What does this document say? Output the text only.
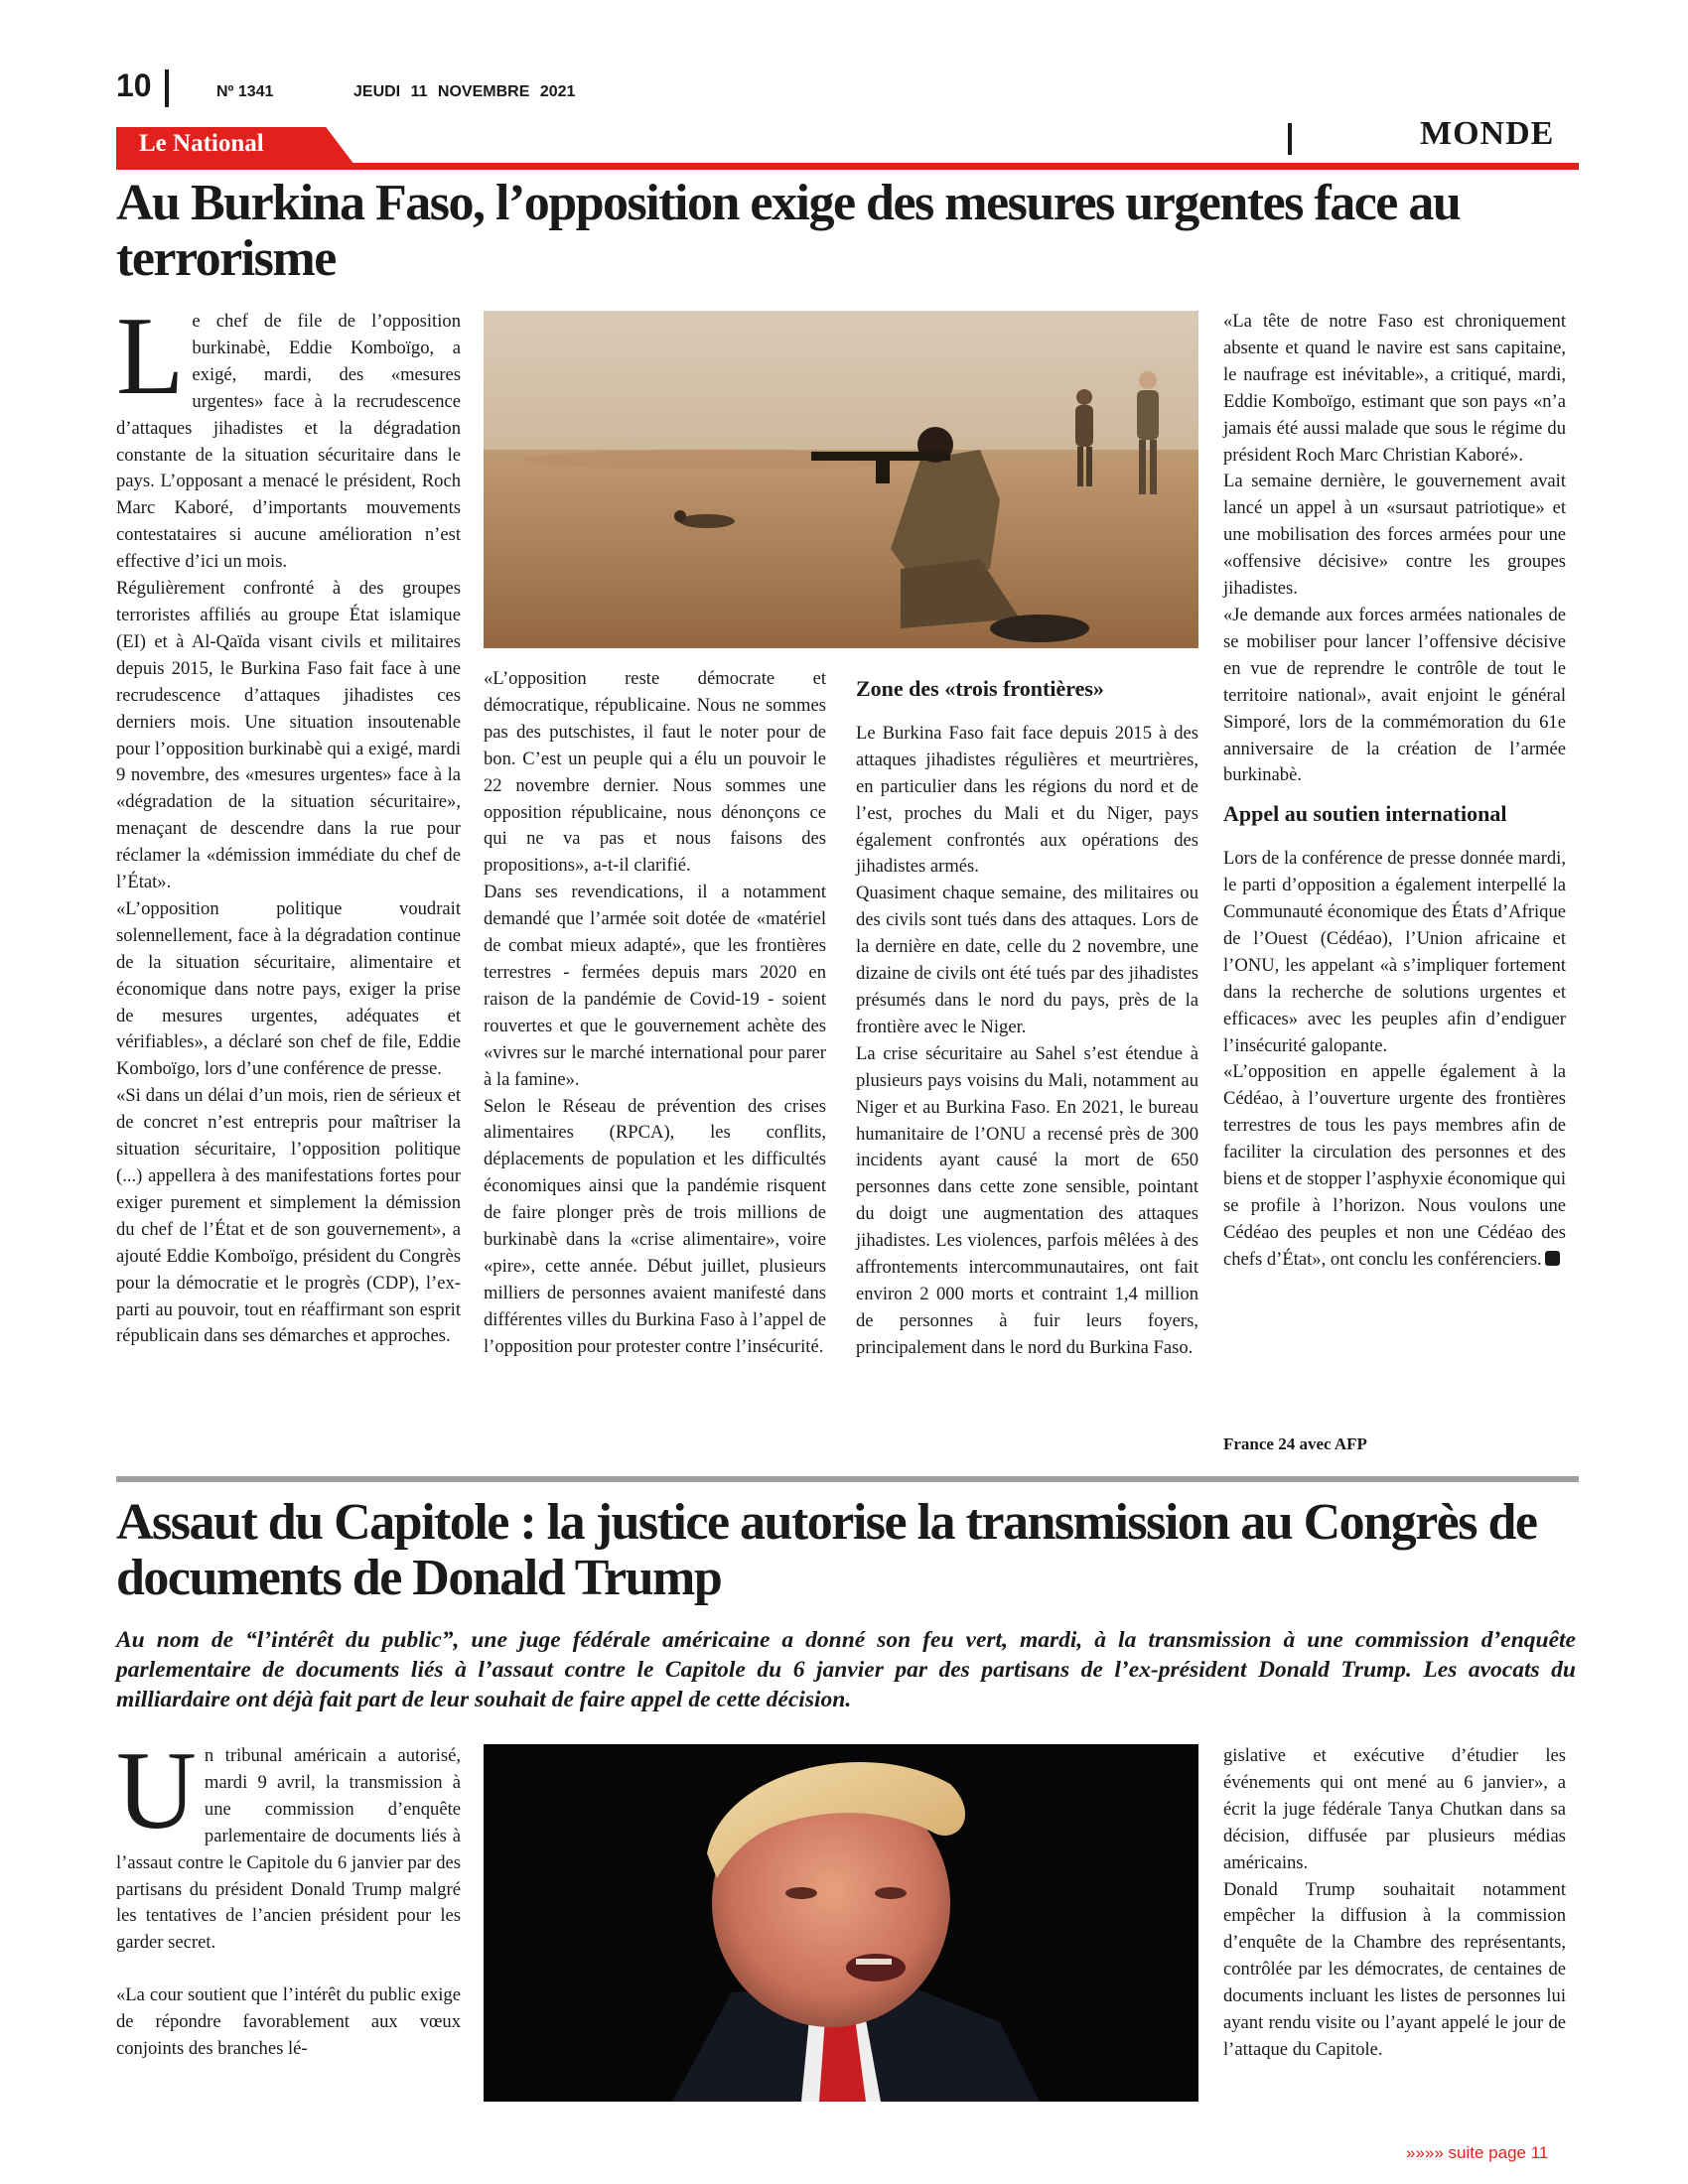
10	Nº 1341	JEUDI 11 NOVEMBRE 2021
Le National	MONDE
Au Burkina Faso, l’opposition exige des mesures urgentes face au terrorisme

Le chef de file de l’opposition burkinabè, Eddie Komboïgo, a exigé, mardi, des «mesures urgentes» face à la recrudescence d’attaques jihadistes et la dégradation constante de la situation sécuritaire dans le pays. L’opposant a menacé le président, Roch Marc Kaboré, d’importants mouvements contestataires si aucune amélioration n’est effective d’ici un mois.

Régulièrement confronté à des groupes terroristes affiliés au groupe État islamique (EI) et à Al-Qaïda visant civils et militaires depuis 2015, le Burkina Faso fait face à une recrudescence d’attaques jihadistes ces derniers mois. Une situation insoutenable pour l’opposition burkinabè qui a exigé, mardi 9 novembre, des «mesures urgentes» face à la «dégradation de la situation sécuritaire», menaçant de descendre dans la rue pour réclamer la «démission immédiate du chef de l’État».

«L’opposition politique voudrait solennellement, face à la dégradation continue de la situation sécuritaire, alimentaire et économique dans notre pays, exiger la prise de mesures urgentes, adéquates et vérifiables», a déclaré son chef de file, Eddie Komboïgo, lors d’une conférence de presse.

«Si dans un délai d’un mois, rien de sérieux et de concret n’est entrepris pour maîtriser la situation sécuritaire, l’opposition politique (...) appellera à des manifestations fortes pour exiger purement et simplement la démission du chef de l’État et de son gouvernement», a ajouté Eddie Komboïgo, président du Congrès pour la démocratie et le progrès (CDP), l’ex-parti au pouvoir, tout en réaffirmant son esprit républicain dans ses démarches et approches.

«L’opposition reste démocrate et démocratique, républicaine. Nous ne sommes pas des putschistes, il faut le noter pour de bon. C’est un peuple qui a élu un pouvoir le 22 novembre dernier. Nous sommes une opposition républicaine, nous dénonçons ce qui ne va pas et nous faisons des propositions», a-t-il clarifié.

Dans ses revendications, il a notamment demandé que l’armée soit dotée de «matériel de combat mieux adapté», que les frontières terrestres - fermées depuis mars 2020 en raison de la pandémie de Covid-19 - soient rouvertes et que le gouvernement achète des «vivres sur le marché international pour parer à la famine».

Selon le Réseau de prévention des crises alimentaires (RPCA), les conflits, déplacements de population et les difficultés économiques ainsi que la pandémie risquent de faire plonger près de trois millions de burkinabè dans la «crise alimentaire», voire «pire», cette année. Début juillet, plusieurs milliers de personnes avaient manifesté dans différentes villes du Burkina Faso à l’appel de l’opposition pour protester contre l’insécurité.

Zone des «trois frontières»

Le Burkina Faso fait face depuis 2015 à des attaques jihadistes régulières et meurtrières, en particulier dans les régions du nord et de l’est, proches du Mali et du Niger, pays également confrontés aux opérations des jihadistes armés.

Quasiment chaque semaine, des militaires ou des civils sont tués dans des attaques. Lors de la dernière en date, celle du 2 novembre, une dizaine de civils ont été tués par des jihadistes présumés dans le nord du pays, près de la frontière avec le Niger.

La crise sécuritaire au Sahel s’est étendue à plusieurs pays voisins du Mali, notamment au Niger et au Burkina Faso. En 2021, le bureau humanitaire de l’ONU a recensé près de 300 incidents ayant causé la mort de 650 personnes dans cette zone sensible, pointant du doigt une augmentation des attaques jihadistes. Les violences, parfois mêlées à des affrontements intercommunautaires, ont fait environ 2 000 morts et contraint 1,4 million de personnes à fuir leurs foyers, principalement dans le nord du Burkina Faso.

«La tête de notre Faso est chroniquement absente et quand le navire est sans capitaine, le naufrage est inévitable», a critiqué, mardi, Eddie Komboïgo, estimant que son pays «n’a jamais été aussi malade que sous le régime du président Roch Marc Christian Kaboré».

La semaine dernière, le gouvernement avait lancé un appel à un «sursaut patriotique» et une mobilisation des forces armées pour une «offensive décisive» contre les groupes jihadistes.

«Je demande aux forces armées nationales de se mobiliser pour lancer l’offensive décisive en vue de reprendre le contrôle de tout le territoire national», avait enjoint le général Simporé, lors de la commémoration du 61e anniversaire de la création de l’armée burkinabè.

Appel au soutien international

Lors de la conférence de presse donnée mardi, le parti d’opposition a également interpellé la Communauté économique des États d’Afrique de l’Ouest (Cédéao), l’Union africaine et l’ONU, les appelant «à s’impliquer fortement dans la recherche de solutions urgentes et efficaces» avec les peuples afin d’endiguer l’insécurité galopante.

«L’opposition en appelle également à la Cédéao, à l’ouverture urgente des frontières terrestres de tous les pays membres afin de faciliter la circulation des personnes et des biens et de stopper l’asphyxie économique qui se profile à l’horizon. Nous voulons une Cédéao des peuples et non une Cédéao des chefs d’État», ont conclu les conférenciers.

France 24 avec AFP
Assaut du Capitole : la justice autorise la transmission au Congrès de documents de Donald Trump
Au nom de “l’intérêt du public”, une juge fédérale américaine a donné son feu vert, mardi, à la transmission à une commission d’enquête parlementaire de documents liés à l’assaut contre le Capitole du 6 janvier par des partisans de l’ex-président Donald Trump. Les avocats du milliardaire ont déjà fait part de leur souhait de faire appel de cette décision.

Un tribunal américain a autorisé, mardi 9 avril, la transmission à une commission d’enquête parlementaire de documents liés à l’assaut contre le Capitole du 6 janvier par des partisans du président Donald Trump malgré les tentatives de l’ancien président pour les garder secret.

«La cour soutient que l’intérêt du public exige de répondre favorablement aux vœux conjoints des branches lé-

gislative et exécutive d’étudier les événements qui ont mené au 6 janvier», a écrit la juge fédérale Tanya Chutkan dans sa décision, diffusée par plusieurs médias américains.

Donald Trump souhaitait notamment empêcher la diffusion à la commission d’enquête de la Chambre des représentants, contrôlée par les démocrates, de centaines de documents incluant les listes de personnes lui ayant rendu visite ou l’ayant appelé le jour de l’attaque du Capitole.

»»»» suite page 11
